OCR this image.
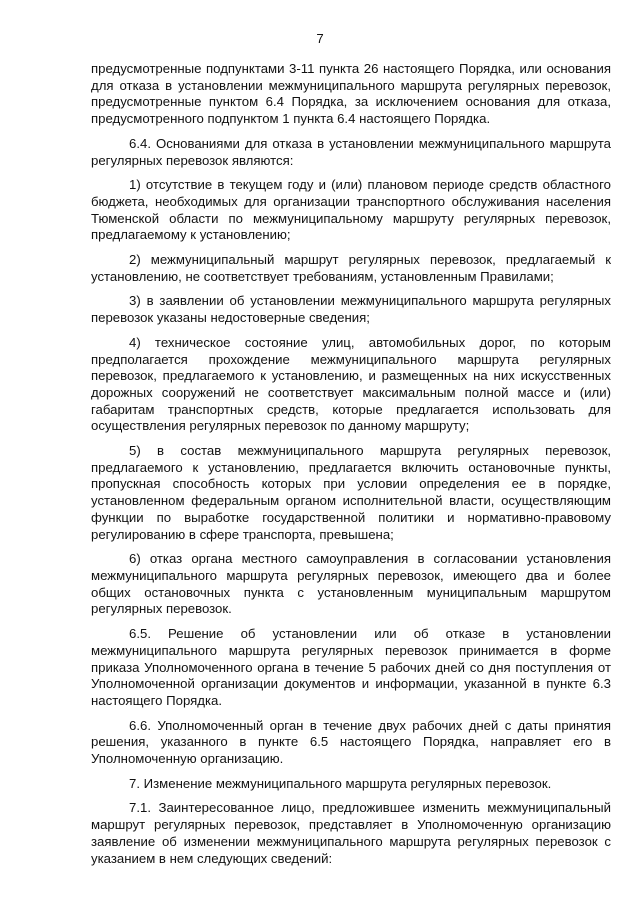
7

предусмотренные подпунктами 3-11 пункта 26 настоящего Порядка, или основания для отказа в установлении межмуниципального маршрута регулярных перевозок, предусмотренные пунктом 6.4 Порядка, за исключением основания для отказа, предусмотренного подпунктом 1 пункта 6.4 настоящего Порядка.

6.4. Основаниями для отказа в установлении межмуниципального маршрута регулярных перевозок являются:

1) отсутствие в текущем году и (или) плановом периоде средств областного бюджета, необходимых для организации транспортного обслуживания населения Тюменской области по межмуниципальному маршруту регулярных перевозок, предлагаемому к установлению;

2) межмуниципальный маршрут регулярных перевозок, предлагаемый к установлению, не соответствует требованиям, установленным Правилами;

3) в заявлении об установлении межмуниципального маршрута регулярных перевозок указаны недостоверные сведения;

4) техническое состояние улиц, автомобильных дорог, по которым предполагается прохождение межмуниципального маршрута регулярных перевозок, предлагаемого к установлению, и размещенных на них искусственных дорожных сооружений не соответствует максимальным полной массе и (или) габаритам транспортных средств, которые предлагается использовать для осуществления регулярных перевозок по данному маршруту;

5) в состав межмуниципального маршрута регулярных перевозок, предлагаемого к установлению, предлагается включить остановочные пункты, пропускная способность которых при условии определения ее в порядке, установленном федеральным органом исполнительной власти, осуществляющим функции по выработке государственной политики и нормативно-правовому регулированию в сфере транспорта, превышена;

6) отказ органа местного самоуправления в согласовании установления межмуниципального маршрута регулярных перевозок, имеющего два и более общих остановочных пункта с установленным муниципальным маршрутом регулярных перевозок.

6.5. Решение об установлении или об отказе в установлении межмуниципального маршрута регулярных перевозок принимается в форме приказа Уполномоченного органа в течение 5 рабочих дней со дня поступления от Уполномоченной организации документов и информации, указанной в пункте 6.3 настоящего Порядка.

6.6. Уполномоченный орган в течение двух рабочих дней с даты принятия решения, указанного в пункте 6.5 настоящего Порядка, направляет его в Уполномоченную организацию.

7. Изменение межмуниципального маршрута регулярных перевозок.

7.1. Заинтересованное лицо, предложившее изменить межмуниципальный маршрут регулярных перевозок, представляет в Уполномоченную организацию заявление об изменении межмуниципального маршрута регулярных перевозок с указанием в нем следующих сведений:
